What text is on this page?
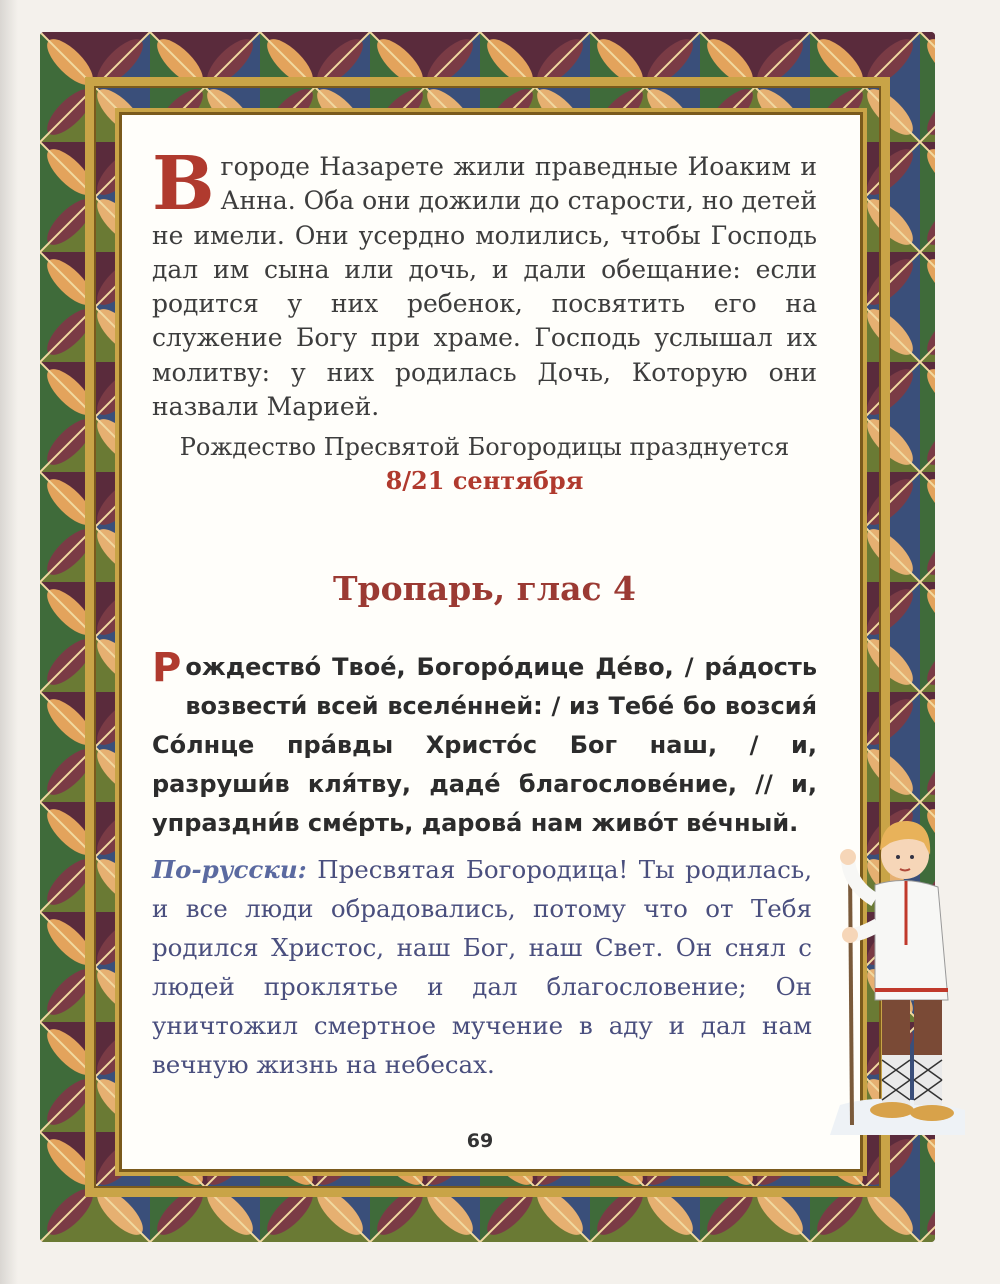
В городе Назарете жили праведные Иоаким и Анна. Оба они дожили до старости, но детей не имели. Они усердно молились, чтобы Господь дал им сына или дочь, и дали обещание: если родится у них ребенок, посвятить его на служение Богу при храме. Господь услышал их молитву: у них родилась Дочь, Которую они назвали Марией.
Рождество Пресвятой Богородицы празднуется
8/21 сентября
Тропарь, глас 4
Рождество́ Твое́, Богоро́дице Де́во, / ра́дость возвести́ всей вселе́нней: / из Тебе́ бо возсия́ Со́лнце пра́вды Христо́с Бог наш, / и, разруши́в кля́тву, даде́ благослове́ние, // и, упраздни́в сме́рть, дарова́ нам живо́т ве́чный.
По-русски: Пресвятая Богородица! Ты родилась, и все люди обрадовались, потому что от Тебя родился Христос, наш Бог, наш Свет. Он снял с людей проклятье и дал благословение; Он уничтожил смертное мучение в аду и дал нам вечную жизнь на небесах.
69
